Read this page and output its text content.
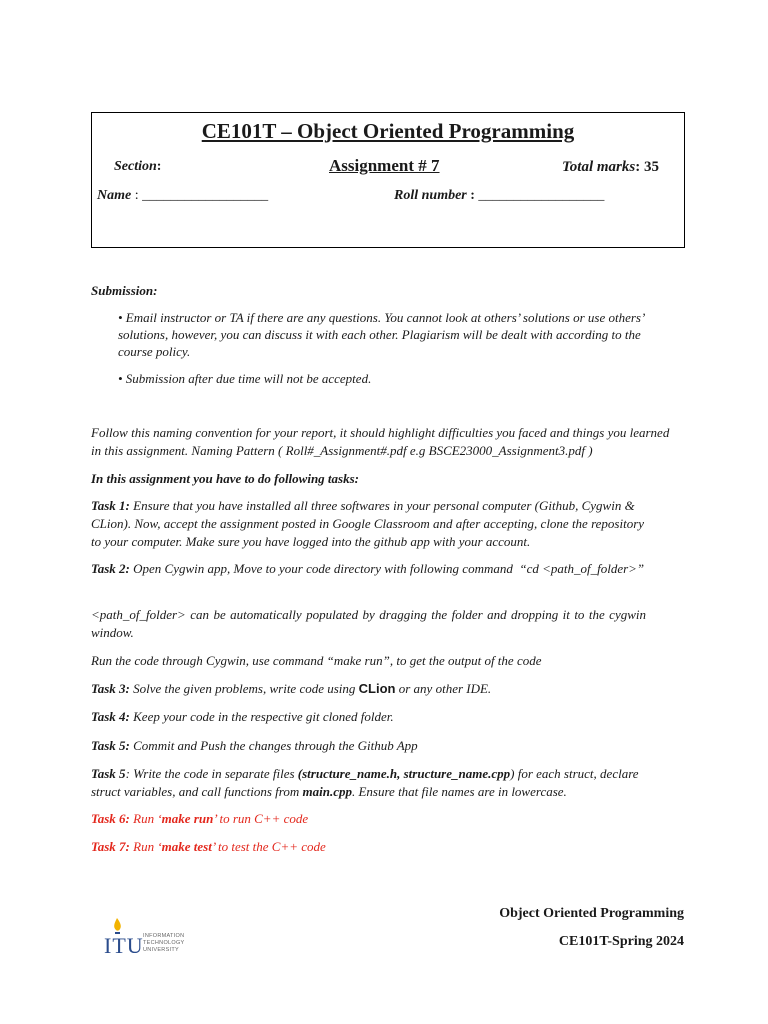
CE101T – Object Oriented Programming
Section:	Assignment # 7	Total marks: 35
Name : __________________	Roll number : __________________
Submission:
• Email instructor or TA if there are any questions. You cannot look at others’ solutions or use others’ solutions, however, you can discuss it with each other. Plagiarism will be dealt with according to the course policy.
• Submission after due time will not be accepted.
Follow this naming convention for your report, it should highlight difficulties you faced and things you learned in this assignment. Naming Pattern ( Roll#_Assignment#.pdf e.g BSCE23000_Assignment3.pdf )
In this assignment you have to do following tasks:
Task 1: Ensure that you have installed all three softwares in your personal computer (Github, Cygwin & CLion). Now, accept the assignment posted in Google Classroom and after accepting, clone the repository to your computer. Make sure you have logged into the github app with your account.
Task 2: Open Cygwin app, Move to your code directory with following command  “cd <path_of_folder>”
<path_of_folder> can be automatically populated by dragging the folder and dropping it to the cygwin window.
Run the code through Cygwin, use command “make run”, to get the output of the code
Task 3: Solve the given problems, write code using CLion or any other IDE.
Task 4: Keep your code in the respective git cloned folder.
Task 5: Commit and Push the changes through the Github App
Task 5: Write the code in separate files (structure_name.h, structure_name.cpp) for each struct, declare struct variables, and call functions from main.cpp. Ensure that file names are in lowercase.
Task 6: Run ‘make run’ to run C++ code
Task 7: Run ‘make test’ to test the C++ code
ITU INFORMATION
TECHNOLOGY
UNIVERSITY
Object Oriented Programming
CE101T-Spring 2024
